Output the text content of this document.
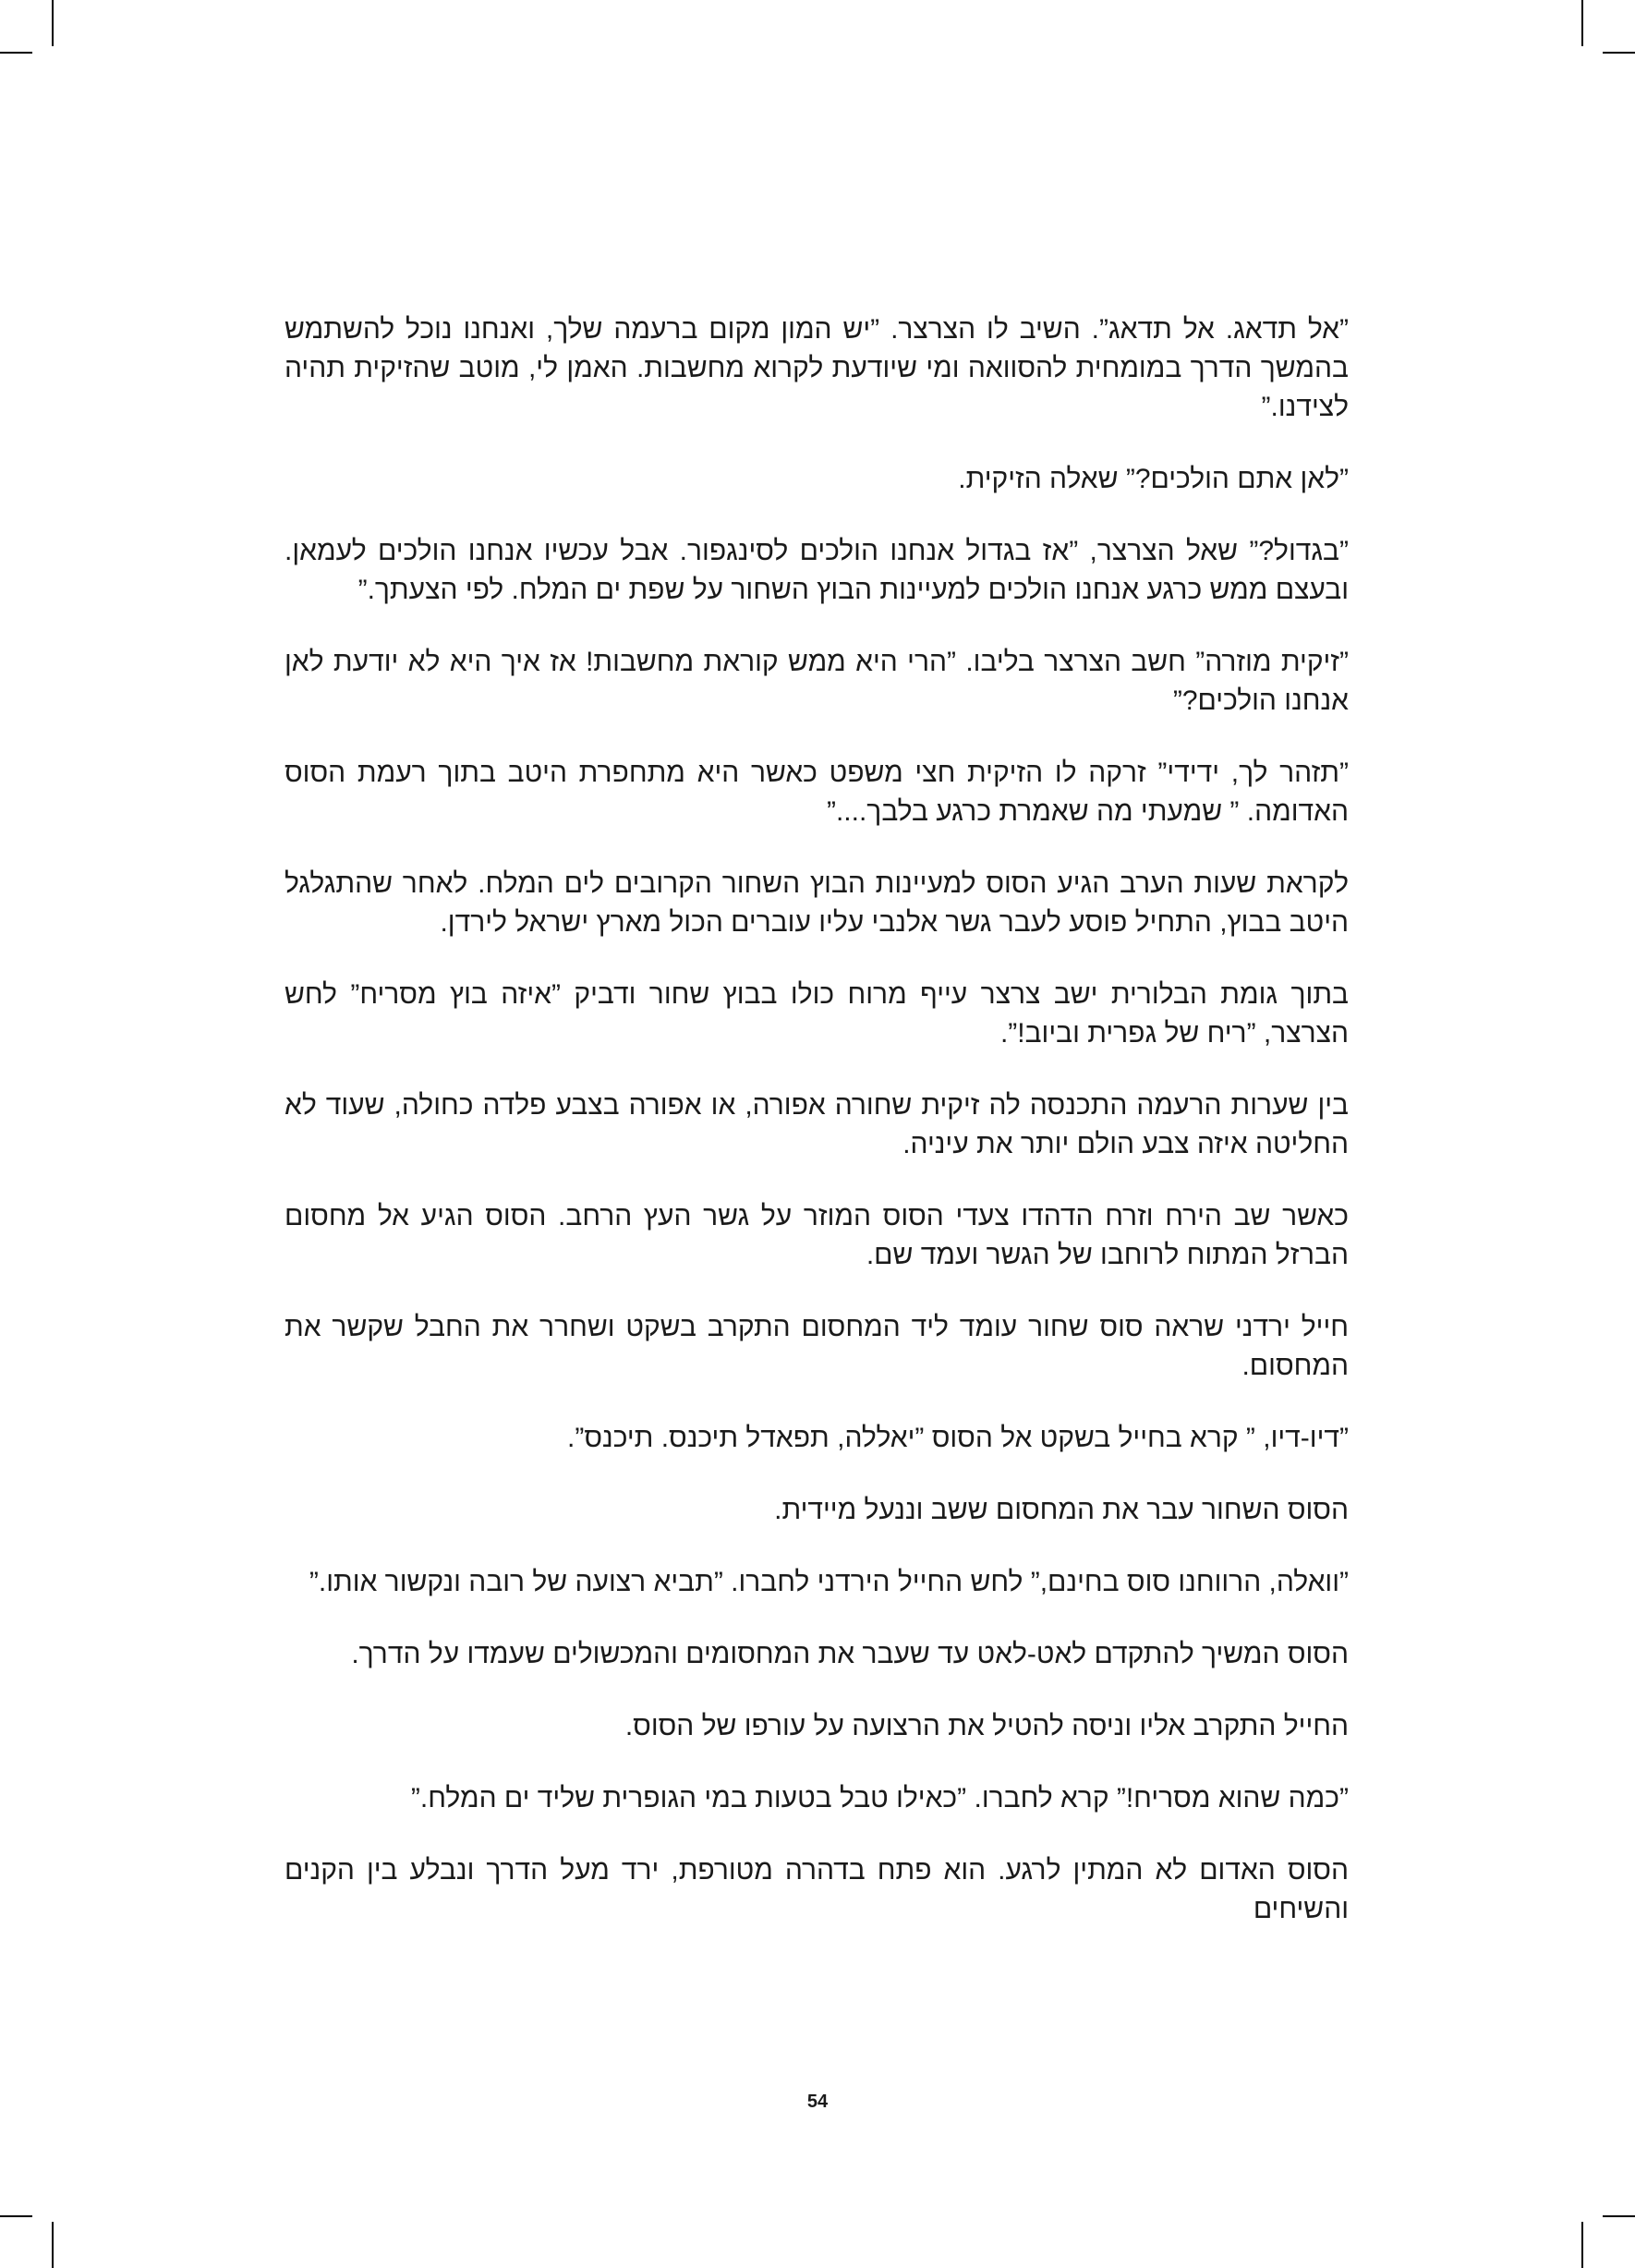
”אל תדאג. אל תדאג”. השיב לו הצרצר. ”יש המון מקום ברעמה שלך, ואנחנו נוכל להשתמש בהמשך הדרך במומחית להסוואה ומי שיודעת לקרוא מחשבות. האמן לי, מוטב שהזיקית תהיה לצידנו.”

”לאן אתם הולכים?” שאלה הזיקית.

”בגדול?” שאל הצרצר, ”אז בגדול אנחנו הולכים לסינגפור. אבל עכשיו אנחנו הולכים לעמאן. ובעצם ממש כרגע אנחנו הולכים למעיינות הבוץ השחור על שפת ים המלח. לפי הצעתך.”

”זיקית מוזרה” חשב הצרצר בליבו. ”הרי היא ממש קוראת מחשבות! אז איך היא לא יודעת לאן אנחנו הולכים?”

”תזהר לך, ידידי” זרקה לו הזיקית חצי משפט כאשר היא מתחפרת היטב בתוך רעמת הסוס האדומה. ” שמעתי מה שאמרת כרגע בלבך....”

לקראת שעות הערב הגיע הסוס למעיינות הבוץ השחור הקרובים לים המלח. לאחר שהתגלגל היטב בבוץ, התחיל פוסע לעבר גשר אלנבי עליו עוברים הכול מארץ ישראל לירדן.

בתוך גומת הבלורית ישב צרצר עייף מרוח כולו בבוץ שחור ודביק ”איזה בוץ מסריח” לחש הצרצר, ”ריח של גפרית וביוב!”.

בין שערות הרעמה התכנסה לה זיקית שחורה אפורה, או אפורה בצבע פלדה כחולה, שעוד לא החליטה איזה צבע הולם יותר את עיניה.

כאשר שב הירח וזרח הדהדו צעדי הסוס המוזר על גשר העץ הרחב. הסוס הגיע אל מחסום הברזל המתוח לרוחבו של הגשר ועמד שם.

חייל ירדני שראה סוס שחור עומד ליד המחסום התקרב בשקט ושחרר את החבל שקשר את המחסום.

”דיו-דיו, ” קרא בחייל בשקט אל הסוס ”יאללה, תפאדל תיכנס. תיכנס”.

הסוס השחור עבר את המחסום ששב וננעל מיידית.

”וואלה, הרווחנו סוס בחינם,” לחש החייל הירדני לחברו. ”תביא רצועה של רובה ונקשור אותו.”

הסוס המשיך להתקדם לאט-לאט עד שעבר את המחסומים והמכשולים שעמדו על הדרך.

החייל התקרב אליו וניסה להטיל את הרצועה על עורפו של הסוס.

”כמה שהוא מסריח!” קרא לחברו. ”כאילו טבל בטעות במי הגופרית שליד ים המלח.”

הסוס האדום לא המתין לרגע. הוא פתח בדהרה מטורפת, ירד מעל הדרך ונבלע בין הקנים והשיחים

54
